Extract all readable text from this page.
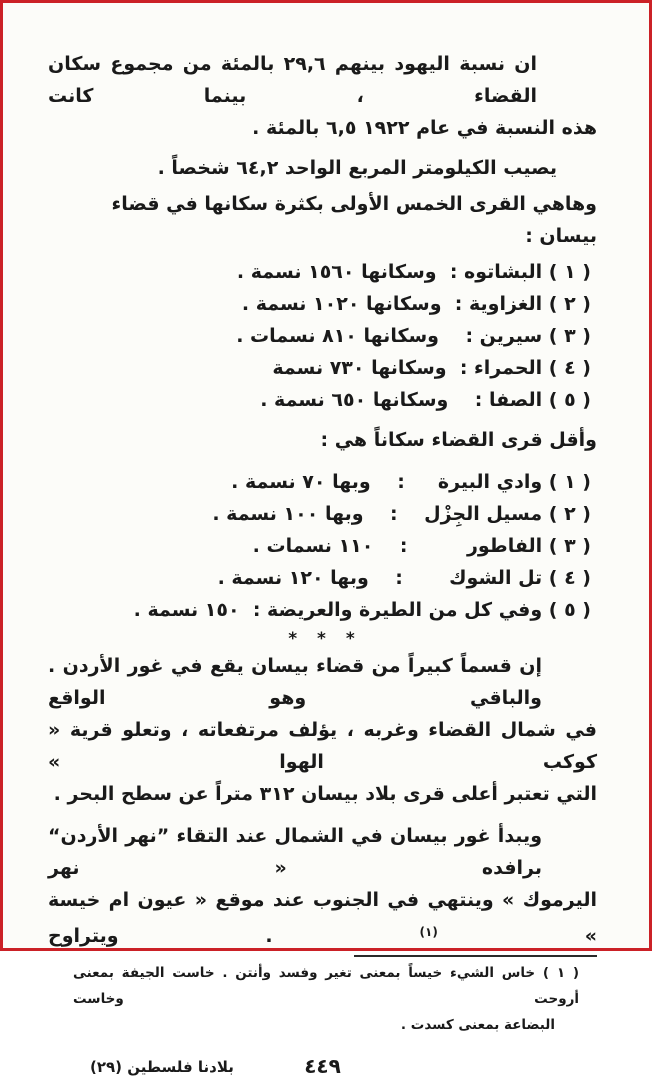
ان نسبة اليهود بينهم ٢٩,٦ بالمئة من مجموع سكان القضاء ، بينما كانت
هذه النسبة في عام ١٩٢٢ ٦,٥ بالمئة .

يصيب الكيلومتر المربع الواحد ٦٤,٢ شخصاً .

وهاهي القرى الخمس الأولى بكثرة سكانها في قضاء بيسان :

( ١ ) البشاتوه :  وسكانها ١٥٦٠ نسمة .
( ٢ ) الغزاوية :  وسكانها ١٠٢٠ نسمة .
( ٣ ) سيرين :    وسكانها ٨١٠ نسمات .
( ٤ ) الحمراء :  وسكانها ٧٣٠ نسمة
( ٥ ) الصفا :    وسكانها ٦٥٠ نسمة .

وأقل قرى القضاء سكاناً هي :

( ١ ) وادي البيرة     :    وبها ٧٠ نسمة .
( ٢ ) مسيل الجِزْل    :    وبها ١٠٠ نسمة .
( ٣ ) الفاطور         :    ١١٠ نسمات .
( ٤ ) تل الشوك       :    وبها ١٢٠ نسمة .
( ٥ ) وفي كل من الطيرة والعريضة :  ١٥٠ نسمة .
* * *

إن قسماً كبيراً من قضاء بيسان يقع في غور الأردن . والباقي وهو الواقع
في شمال القضاء وغربه ، يؤلف مرتفعاته ، وتعلو قرية « كوكب الهوا »
التي تعتبر أعلى قرى بلاد بيسان ٣١٢ متراً عن سطح البحر .

ويبدأ غور بيسان في الشمال عند التقاء ”نهر الأردن“ برافده « نهر
اليرموك » وينتهي في الجنوب عند موقع « عيون ام خيسة » $^{(١)}$ . ويتراوح

( ١ ) خاس الشيء خيساً بمعنى تغير وفسد وأنتن . خاست الجيفة بمعنى أروحت وخاست
البضاعة بمعنى كسدت .
٤٤٩
بلادنا فلسطين (٢٩)
